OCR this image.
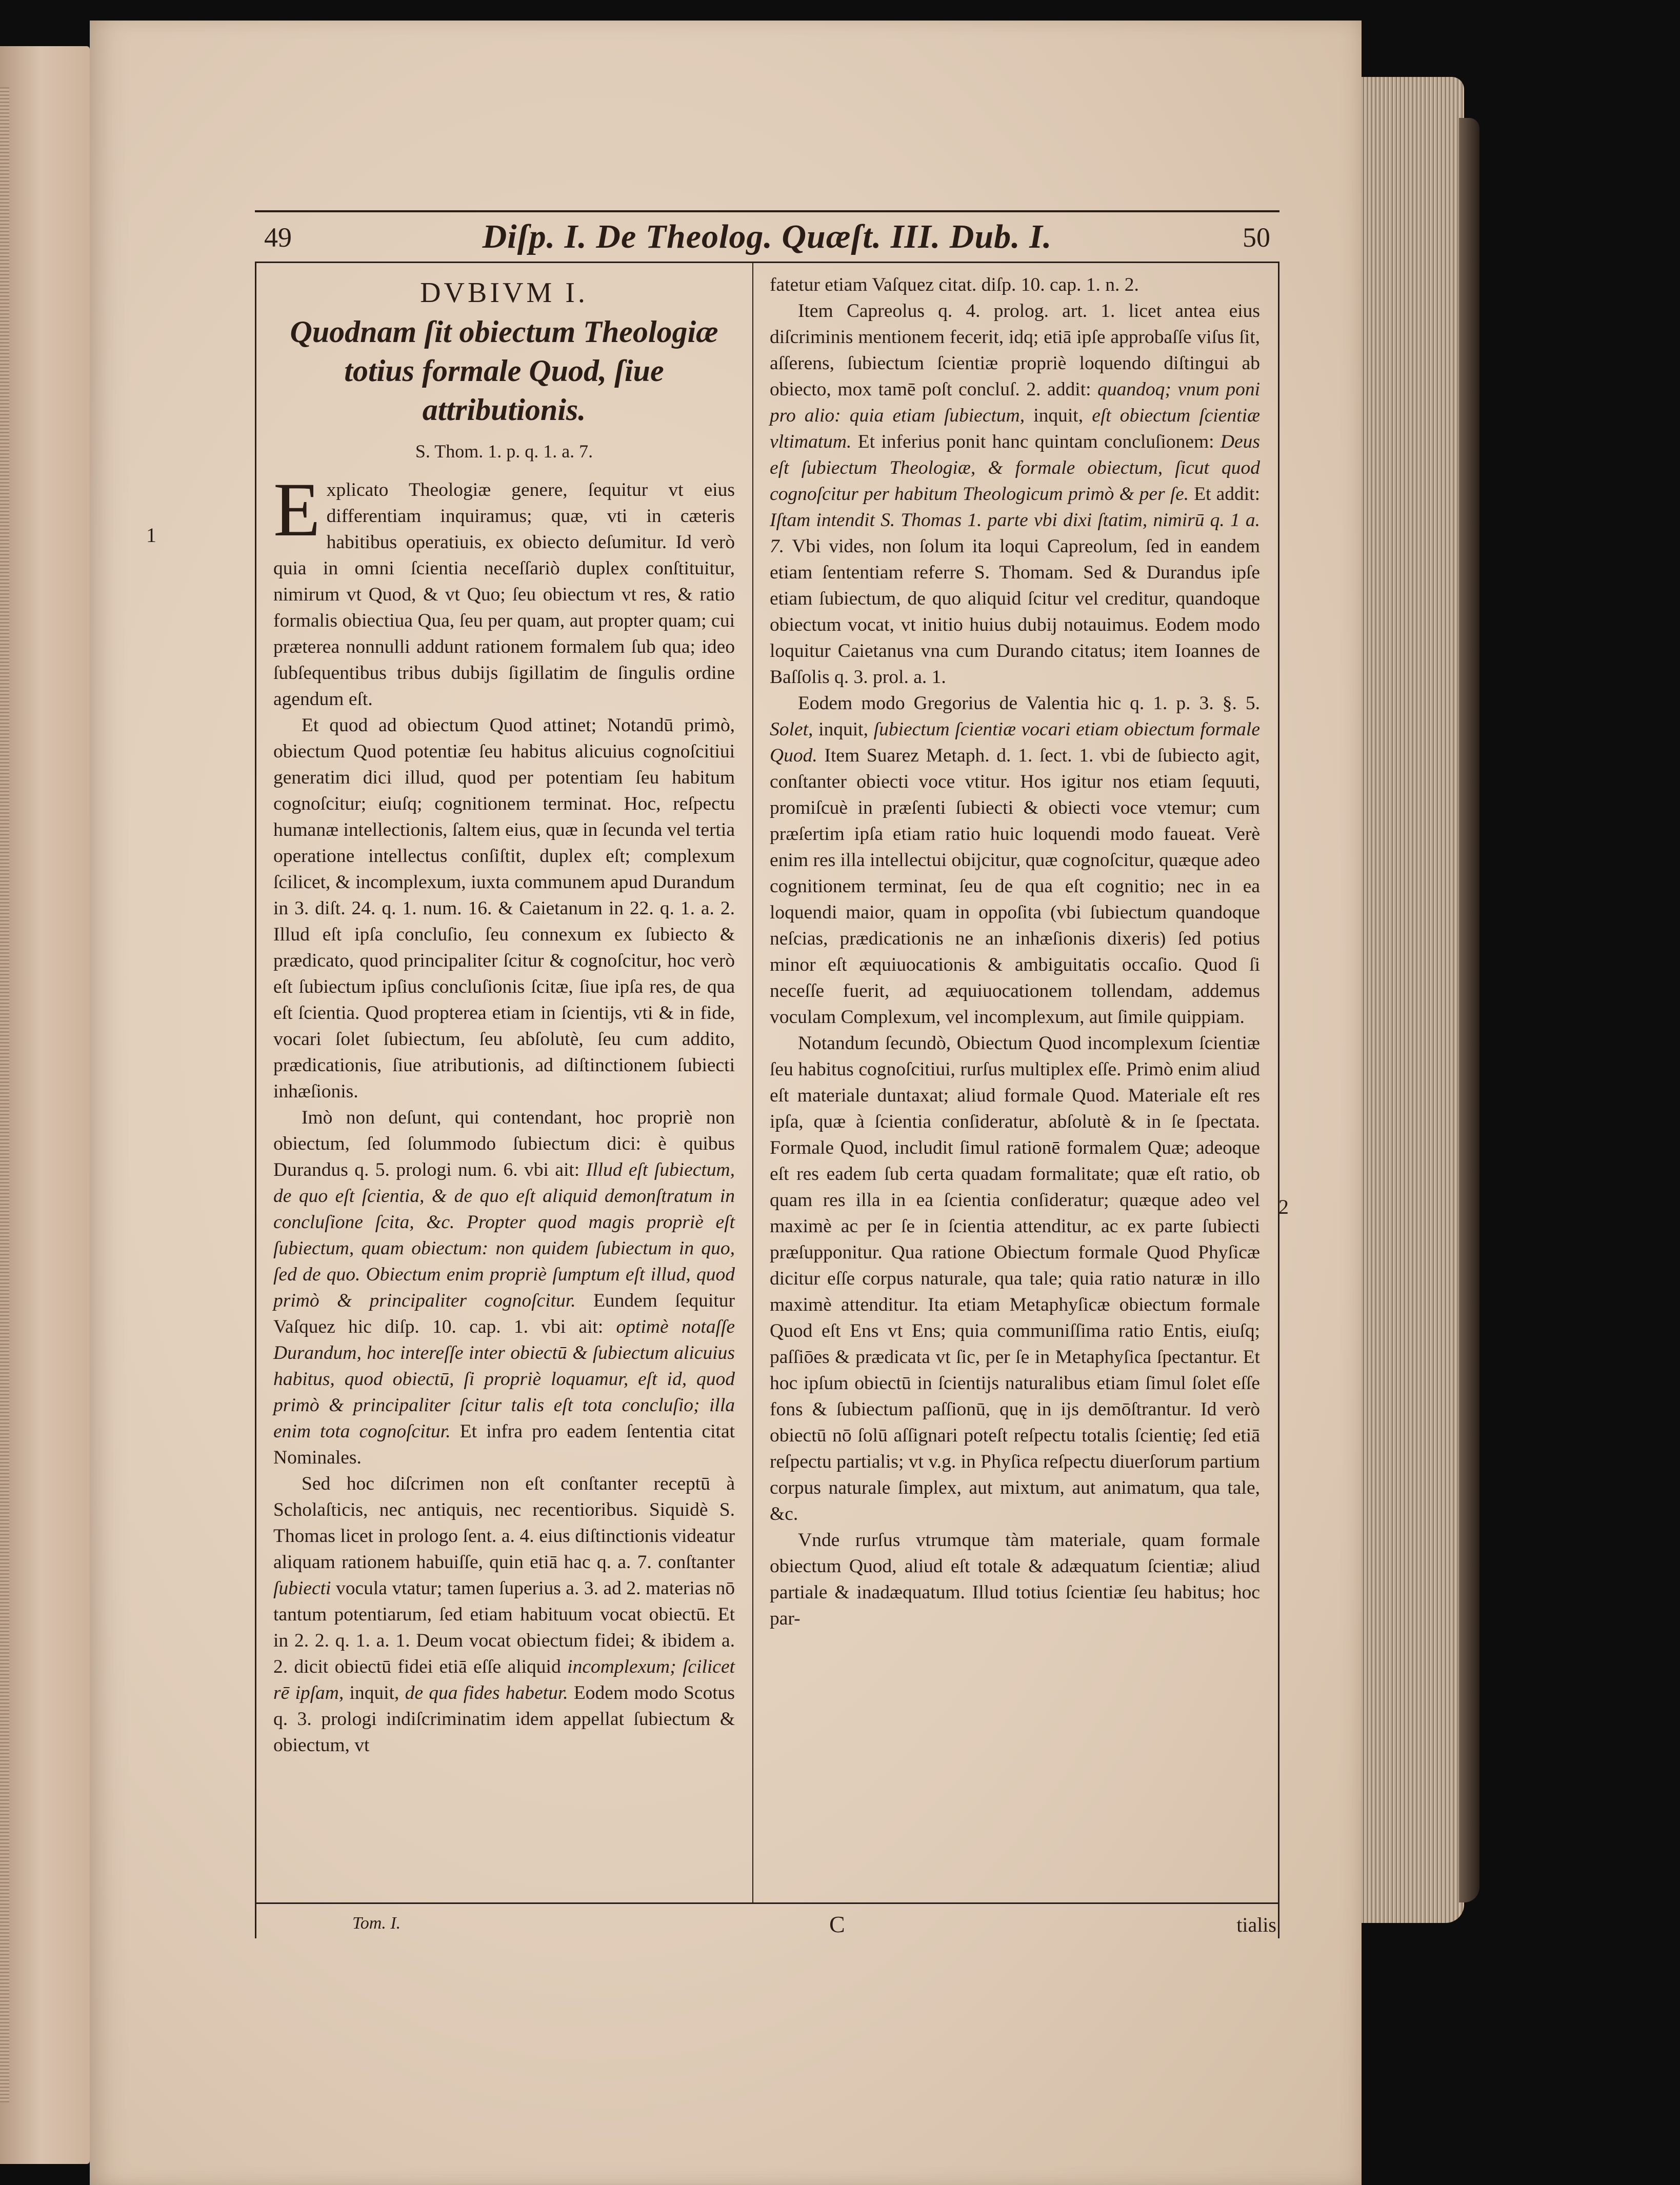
49	Diſp. I. De Theolog. Quæſt. III. Dub. I.	50
DVBIVM I.
Quodnam ſit obiectum Theologiæ totius formale Quod, ſiue attributionis.
S. Thom. 1. p. q. 1. a. 7.

Explicato Theologiæ genere, ſequitur vt eius differentiam inquiramus; quæ, vti in cæteris habitibus operatiuis, ex obiecto deſumitur. Id verò quia in omni ſcientia neceſſariò duplex conſtituitur, nimirum vt Quod, & vt Quo; ſeu obiectum vt res, & ratio formalis obiectiua Qua, ſeu per quam, aut propter quam; cui præterea nonnulli addunt rationem formalem ſub qua; ideo ſubſequentibus tribus dubijs ſigillatim de ſingulis ordine agendum eſt.

Et quod ad obiectum Quod attinet; Notandū primò, obiectum Quod potentiæ ſeu habitus alicuius cognoſcitiui generatim dici illud, quod per potentiam ſeu habitum cognoſcitur; eiuſq; cognitionem terminat. Hoc, reſpectu humanæ intellectionis, ſaltem eius, quæ in ſecunda vel tertia operatione intellectus conſiſtit, duplex eſt; complexum ſcilicet, & incomplexum, iuxta communem apud Durandum in 3. diſt. 24. q. 1. num. 16. & Caietanum in 22. q. 1. a. 2. Illud eſt ipſa concluſio, ſeu connexum ex ſubiecto & prædicato, quod principaliter ſcitur & cognoſcitur, hoc verò eſt ſubiectum ipſius concluſionis ſcitæ, ſiue ipſa res, de qua eſt ſcientia. Quod propterea etiam in ſcientijs, vti & in fide, vocari ſolet ſubiectum, ſeu abſolutè, ſeu cum addito, prædicationis, ſiue atributionis, ad diſtinctionem ſubiecti inhæſionis.

Imò non deſunt, qui contendant, hoc propriè non obiectum, ſed ſolummodo ſubiectum dici: è quibus Durandus q. 5. prologi num. 6. vbi ait: Illud eſt ſubiectum, de quo eſt ſcientia, & de quo eſt aliquid demonſtratum in concluſione ſcita, &c. Propter quod magis propriè eſt ſubiectum, quam obiectum: non quidem ſubiectum in quo, ſed de quo. Obiectum enim propriè ſumptum eſt illud, quod primò & principaliter cognoſcitur. Eundem ſequitur Vaſquez hic diſp. 10. cap. 1. vbi ait: optimè notaſſe Durandum, hoc intereſſe inter obiectū & ſubiectum alicuius habitus, quod obiectū, ſi propriè loquamur, eſt id, quod primò & principaliter ſcitur talis eſt tota concluſio; illa enim tota cognoſcitur. Et infra pro eadem ſententia citat Nominales.

Sed hoc diſcrimen non eſt conſtanter receptū à Scholaſticis, nec antiquis, nec recentioribus. Siquidè S. Thomas licet in prologo ſent. a. 4. eius diſtinctionis videatur aliquam rationem habuiſſe, quin etiā hac q. a. 7. conſtanter ſubiecti vocula vtatur; tamen ſuperius a. 3. ad 2. materias nō tantum potentiarum, ſed etiam habituum vocat obiectū. Et in 2. 2. q. 1. a. 1. Deum vocat obiectum fidei; & ibidem a. 2. dicit obiectū fidei etiā eſſe aliquid incomplexum; ſcilicet rē ipſam, inquit, de qua fides habetur. Eodem modo Scotus q. 3. prologi indiſcriminatim idem appellat ſubiectum & obiectum, vt

fatetur etiam Vaſquez citat. diſp. 10. cap. 1. n. 2.

Item Capreolus q. 4. prolog. art. 1. licet antea eius diſcriminis mentionem fecerit, idq; etiā ipſe approbaſſe viſus ſit, aſſerens, ſubiectum ſcientiæ propriè loquendo diſtingui ab obiecto, mox tamē poſt concluſ. 2. addit: quandoq; vnum poni pro alio: quia etiam ſubiectum, inquit, eſt obiectum ſcientiæ vltimatum. Et inferius ponit hanc quintam concluſionem: Deus eſt ſubiectum Theologiæ, & formale obiectum, ſicut quod cognoſcitur per habitum Theologicum primò & per ſe. Et addit: Iſtam intendit S. Thomas 1. parte vbi dixi ſtatim, nimirū q. 1 a. 7. Vbi vides, non ſolum ita loqui Capreolum, ſed in eandem etiam ſententiam referre S. Thomam. Sed & Durandus ipſe etiam ſubiectum, de quo aliquid ſcitur vel creditur, quandoque obiectum vocat, vt initio huius dubij notauimus. Eodem modo loquitur Caietanus vna cum Durando citatus; item Ioannes de Baſſolis q. 3. prol. a. 1.

Eodem modo Gregorius de Valentia hic q. 1. p. 3. §. 5. Solet, inquit, ſubiectum ſcientiæ vocari etiam obiectum formale Quod. Item Suarez Metaph. d. 1. ſect. 1. vbi de ſubiecto agit, conſtanter obiecti voce vtitur. Hos igitur nos etiam ſequuti, promiſcuè in præſenti ſubiecti & obiecti voce vtemur; cum præſertim ipſa etiam ratio huic loquendi modo faueat. Verè enim res illa intellectui obijcitur, quæ cognoſcitur, quæque adeo cognitionem terminat, ſeu de qua eſt cognitio; nec in ea loquendi maior, quam in oppoſita (vbi ſubiectum quandoque neſcias, prædicationis ne an inhæſionis dixeris) ſed potius minor eſt æquiuocationis & ambiguitatis occaſio. Quod ſi neceſſe fuerit, ad æquiuocationem tollendam, addemus voculam Complexum, vel incomplexum, aut ſimile quippiam.

Notandum ſecundò, Obiectum Quod incomplexum ſcientiæ ſeu habitus cognoſcitiui, rurſus multiplex eſſe. Primò enim aliud eſt materiale duntaxat; aliud formale Quod. Materiale eſt res ipſa, quæ à ſcientia conſideratur, abſolutè & in ſe ſpectata. Formale Quod, includit ſimul rationē formalem Quæ; adeoque eſt res eadem ſub certa quadam formalitate; quæ eſt ratio, ob quam res illa in ea ſcientia conſideratur; quæque adeo vel maximè ac per ſe in ſcientia attenditur, ac ex parte ſubiecti præſupponitur. Qua ratione Obiectum formale Quod Phyſicæ dicitur eſſe corpus naturale, qua tale; quia ratio naturæ in illo maximè attenditur. Ita etiam Metaphyſicæ obiectum formale Quod eſt Ens vt Ens; quia communiſſima ratio Entis, eiuſq; paſſiōes & prædicata vt ſic, per ſe in Metaphyſica ſpectantur. Et hoc ipſum obiectū in ſcientijs naturalibus etiam ſimul ſolet eſſe fons & ſubiectum paſſionū, quę in ijs demōſtrantur. Id verò obiectū nō ſolū aſſignari poteſt reſpectu totalis ſcientię; ſed etiā reſpectu partialis; vt v.g. in Phyſica reſpectu diuerſorum partium corpus naturale ſimplex, aut mixtum, aut animatum, qua tale, &c.

Vnde rurſus vtrumque tàm materiale, quam formale obiectum Quod, aliud eſt totale & adæquatum ſcientiæ; aliud partiale & inadæquatum. Illud totius ſcientiæ ſeu habitus; hoc par-

Tom. I.	C	tialis
1
2
